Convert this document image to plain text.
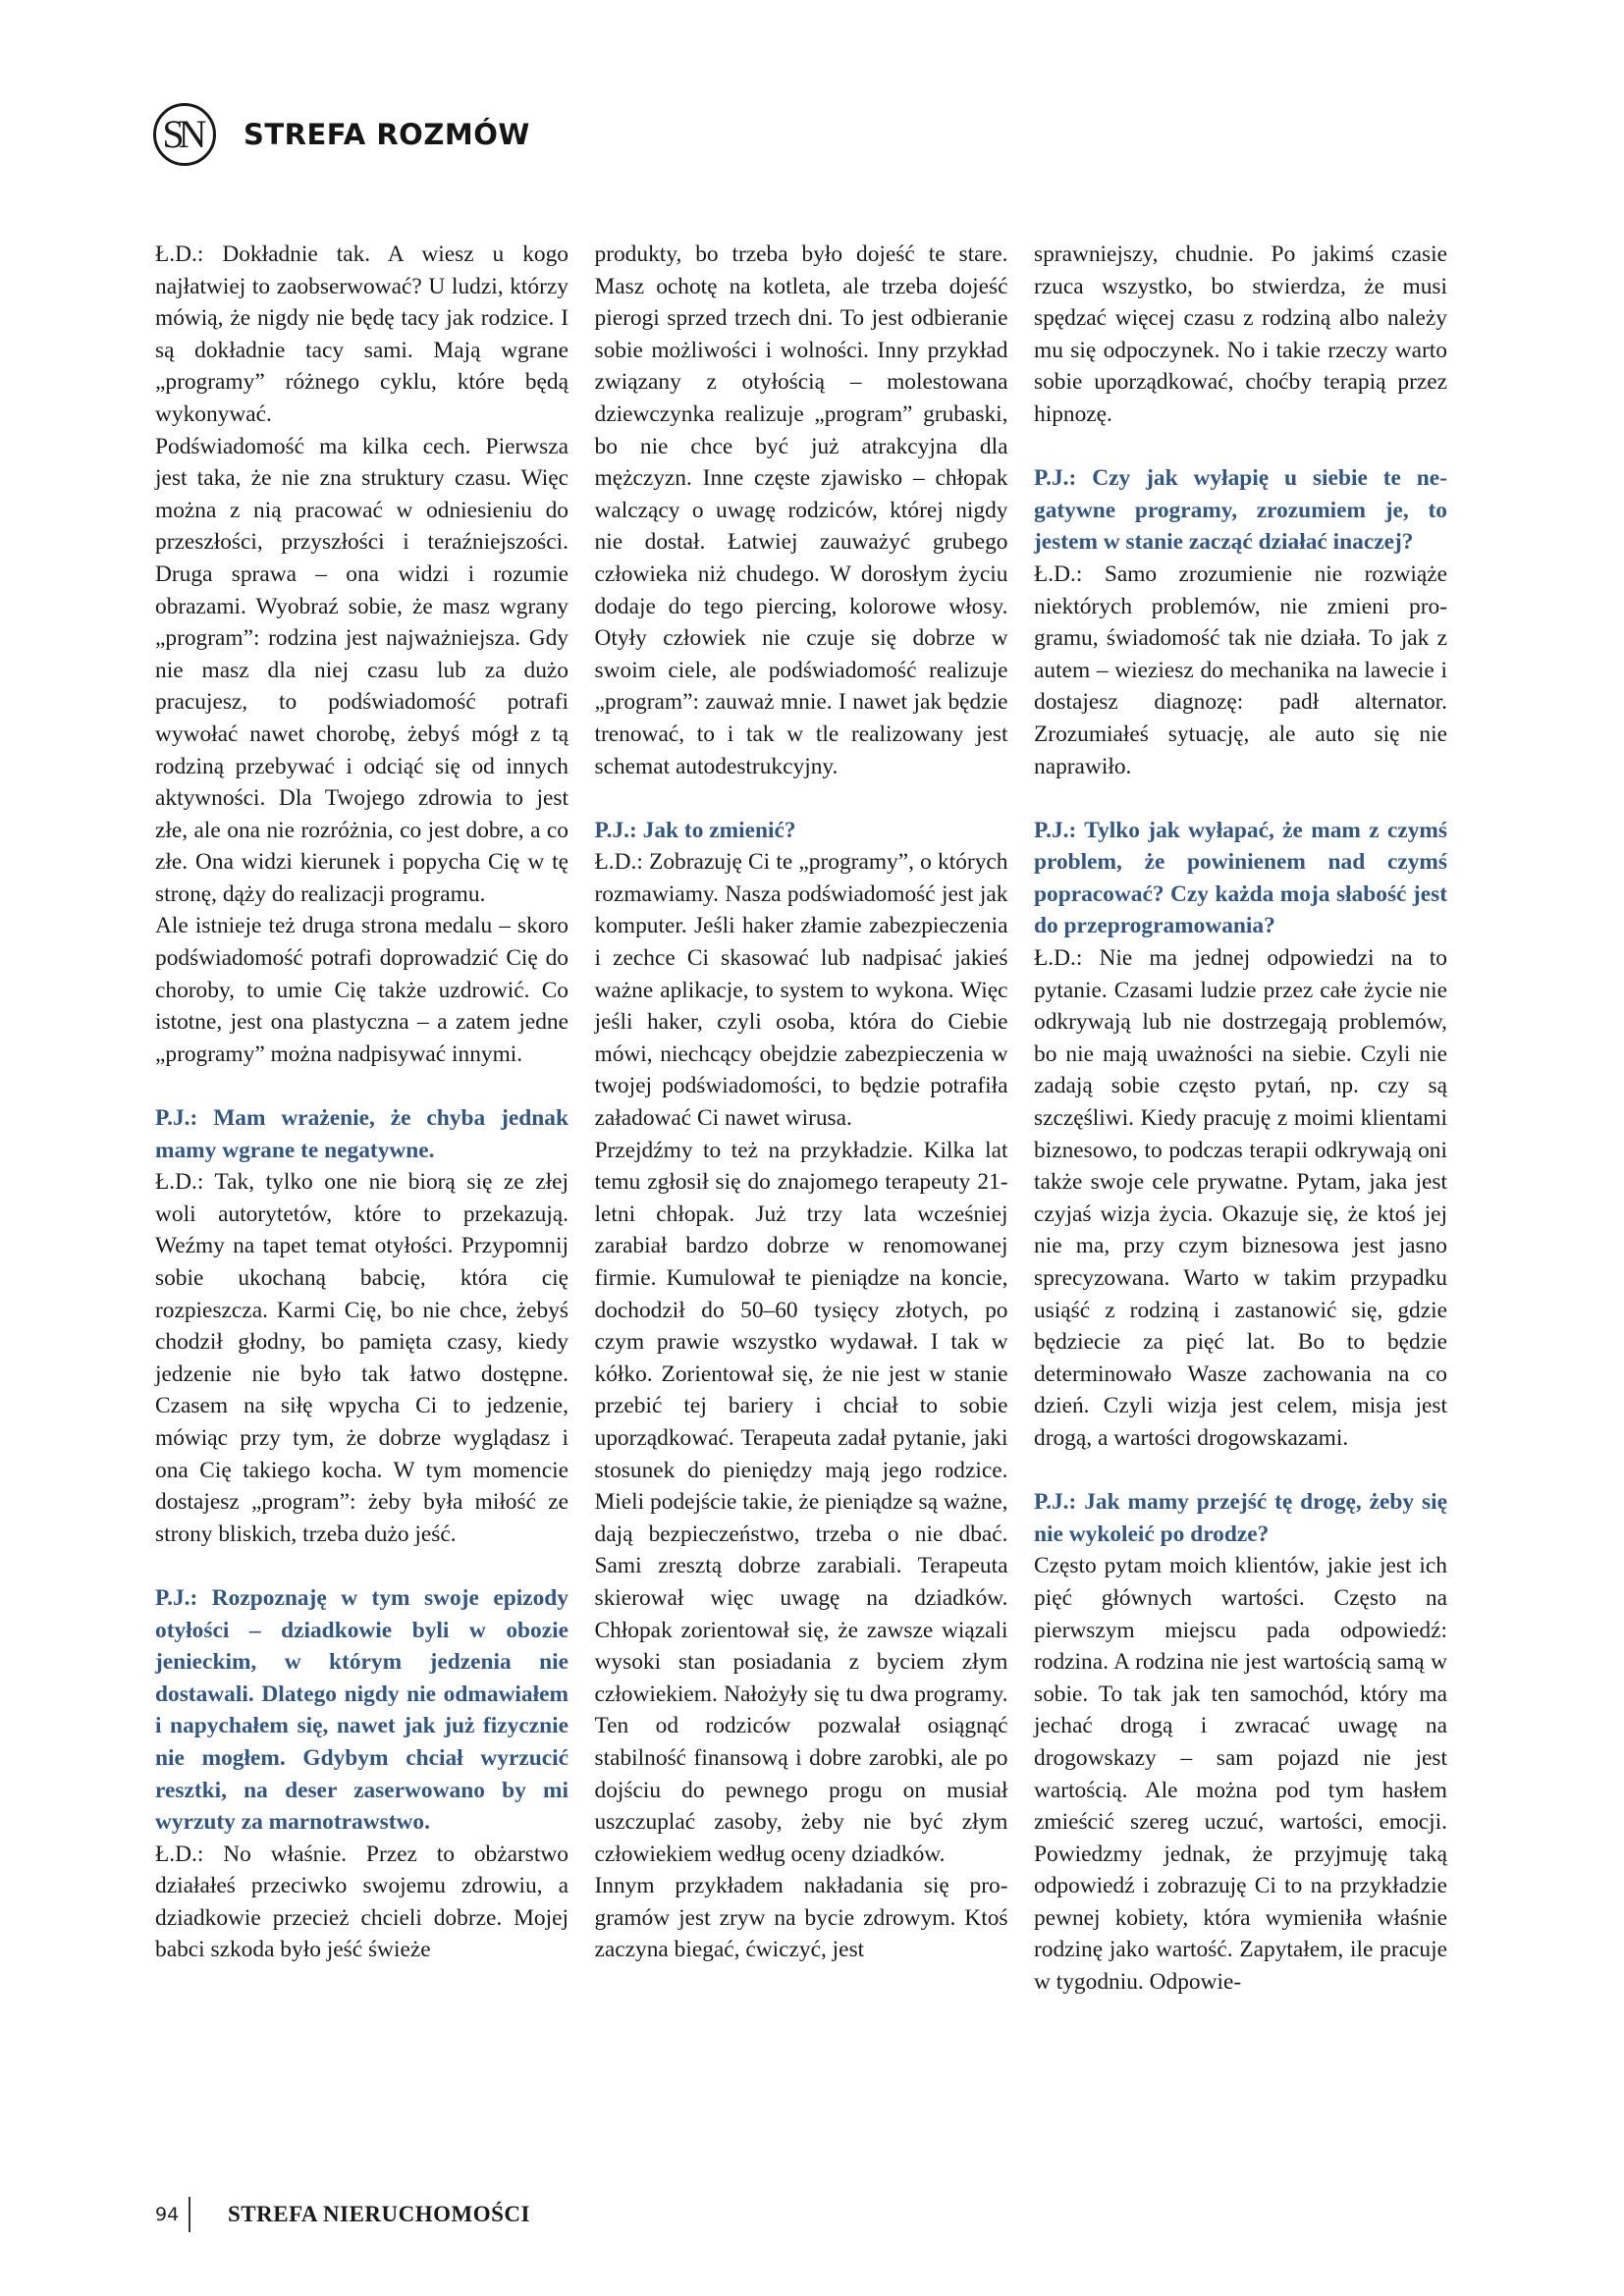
SN	STREFA ROZMÓW

Ł.D.: Dokładnie tak. A wiesz u kogo najłatwiej to zaobserwować? U ludzi, którzy mówią, że nigdy nie będę tacy jak rodzice. I są dokładnie tacy sami. Mają wgrane „programy” różnego cyklu, które będą wykonywać.

Podświadomość ma kilka cech. Pierwsza jest taka, że nie zna struktury czasu. Więc można z nią pracować w odniesieniu do przeszłości, przyszłości i teraźniejszości. Druga sprawa – ona widzi i rozumie obrazami. Wyobraź sobie, że masz wgrany „program”: rodzina jest najważniejsza. Gdy nie masz dla niej czasu lub za dużo pracujesz, to podświadomość potrafi wywołać nawet chorobę, żebyś mógł z tą rodziną przebywać i odciąć się od innych aktywności. Dla Twojego zdrowia to jest złe, ale ona nie rozróżnia, co jest dobre, a co złe. Ona widzi kierunek i popycha Cię w tę stronę, dąży do realizacji programu.

Ale istnieje też druga strona medalu – skoro podświadomość potrafi doprowadzić Cię do choroby, to umie Cię także uzdrowić. Co istotne, jest ona plastyczna – a zatem jedne „programy” można nadpisywać innymi.

P.J.: Mam wrażenie, że chyba jednak mamy wgrane te negatywne.

Ł.D.: Tak, tylko one nie biorą się ze złej woli autorytetów, które to przekazują. Weźmy na tapet temat otyłości. Przypomnij sobie ukochaną babcię, która cię rozpieszcza. Karmi Cię, bo nie chce, żebyś chodził głodny, bo pamięta czasy, kiedy jedzenie nie było tak łatwo dostępne. Czasem na siłę wpycha Ci to jedzenie, mówiąc przy tym, że dobrze wyglądasz i ona Cię takiego kocha. W tym momencie dostajesz „program”: żeby była miłość ze strony bliskich, trzeba dużo jeść.

P.J.: Rozpoznaję w tym swoje epizody otyłości – dziadkowie byli w obozie jenieckim, w którym jedzenia nie dostawali. Dlatego nigdy nie odmawiałem i napychałem się, nawet jak już fizycznie nie mogłem. Gdybym chciał wyrzucić resztki, na deser zaserwowano by mi wyrzuty za marnotrawstwo.

Ł.D.: No właśnie. Przez to obżarstwo działałeś przeciwko swojemu zdrowiu, a dziadkowie przecież chcieli dobrze. Mojej babci szkoda było jeść świeże

produkty, bo trzeba było dojeść te stare. Masz ochotę na kotleta, ale trzeba dojeść pierogi sprzed trzech dni. To jest odbieranie sobie możliwości i wolności. Inny przykład związany z otyłością – molestowana dziewczynka realizuje „program” grubaski, bo nie chce być już atrakcyjna dla mężczyzn. Inne częste zjawisko – chłopak walczący o uwagę rodziców, której nigdy nie dostał. Łatwiej zauważyć grubego człowieka niż chudego. W dorosłym życiu dodaje do tego piercing, kolorowe włosy. Otyły człowiek nie czuje się dobrze w swoim ciele, ale podświadomość realizuje „program”: zauważ mnie. I nawet jak będzie trenować, to i tak w tle realizowany jest schemat autodestrukcyjny.

P.J.: Jak to zmienić?

Ł.D.: Zobrazuję Ci te „programy”, o których rozmawiamy. Nasza podświadomość jest jak komputer. Jeśli haker złamie zabezpieczenia i zechce Ci skasować lub nadpisać jakieś ważne aplikacje, to system to wykona. Więc jeśli haker, czyli osoba, która do Ciebie mówi, niechcący obejdzie zabezpieczenia w twojej podświadomości, to będzie potrafiła załadować Ci nawet wirusa.

Przejdźmy to też na przykładzie. Kilka lat temu zgłosił się do znajomego terapeuty 21-letni chłopak. Już trzy lata wcześniej zarabiał bardzo dobrze w renomowanej firmie. Kumulował te pieniądze na koncie, dochodził do 50–60 tysięcy złotych, po czym prawie wszystko wydawał. I tak w kółko. Zorientował się, że nie jest w stanie przebić tej bariery i chciał to sobie uporządkować. Terapeuta zadał pytanie, jaki stosunek do pieniędzy mają jego rodzice. Mieli podejście takie, że pieniądze są ważne, dają bezpieczeństwo, trzeba o nie dbać. Sami zresztą dobrze zarabiali. Terapeuta skierował więc uwagę na dziadków. Chłopak zorientował się, że zawsze wiązali wysoki stan posiadania z byciem złym człowiekiem. Nałożyły się tu dwa programy. Ten od rodziców pozwalał osiągnąć stabilność finansową i dobre zarobki, ale po dojściu do pewnego progu on musiał uszczuplać zasoby, żeby nie być złym człowiekiem według oceny dziadków.

Innym przykładem nakładania się programów jest zryw na bycie zdrowym. Ktoś zaczyna biegać, ćwiczyć, jest

sprawniejszy, chudnie. Po jakimś czasie rzuca wszystko, bo stwierdza, że musi spędzać więcej czasu z rodziną albo należy mu się odpoczynek. No i takie rzeczy warto sobie uporządkować, choćby terapią przez hipnozę.

P.J.: Czy jak wyłapię u siebie te negatywne programy, zrozumiem je, to jestem w stanie zacząć działać inaczej?

Ł.D.: Samo zrozumienie nie rozwiąże niektórych problemów, nie zmieni programu, świadomość tak nie działa. To jak z autem – wieziesz do mechanika na lawecie i dostajesz diagnozę: padł alternator. Zrozumiałeś sytuację, ale auto się nie naprawiło.

P.J.: Tylko jak wyłapać, że mam z czymś problem, że powinienem nad czymś popracować? Czy każda moja słabość jest do przeprogramowania?

Ł.D.: Nie ma jednej odpowiedzi na to pytanie. Czasami ludzie przez całe życie nie odkrywają lub nie dostrzegają problemów, bo nie mają uważności na siebie. Czyli nie zadają sobie często pytań, np. czy są szczęśliwi. Kiedy pracuję z moimi klientami biznesowo, to podczas terapii odkrywają oni także swoje cele prywatne. Pytam, jaka jest czyjaś wizja życia. Okazuje się, że ktoś jej nie ma, przy czym biznesowa jest jasno sprecyzowana. Warto w takim przypadku usiąść z rodziną i zastanowić się, gdzie będziecie za pięć lat. Bo to będzie determinowało Wasze zachowania na co dzień. Czyli wizja jest celem, misja jest drogą, a wartości drogowskazami.

P.J.: Jak mamy przejść tę drogę, żeby się nie wykoleić po drodze?

Często pytam moich klientów, jakie jest ich pięć głównych wartości. Często na pierwszym miejscu pada odpowiedź: rodzina. A rodzina nie jest wartością samą w sobie. To tak jak ten samochód, który ma jechać drogą i zwracać uwagę na drogowskazy – sam pojazd nie jest wartością. Ale można pod tym hasłem zmieścić szereg uczuć, wartości, emocji. Powiedzmy jednak, że przyjmuję taką odpowiedź i zobrazuję Ci to na przykładzie pewnej kobiety, która wymieniła właśnie rodzinę jako wartość. Zapytałem, ile pracuje w tygodniu. Odpowie-

94	STREFA NIERUCHOMOŚCI
